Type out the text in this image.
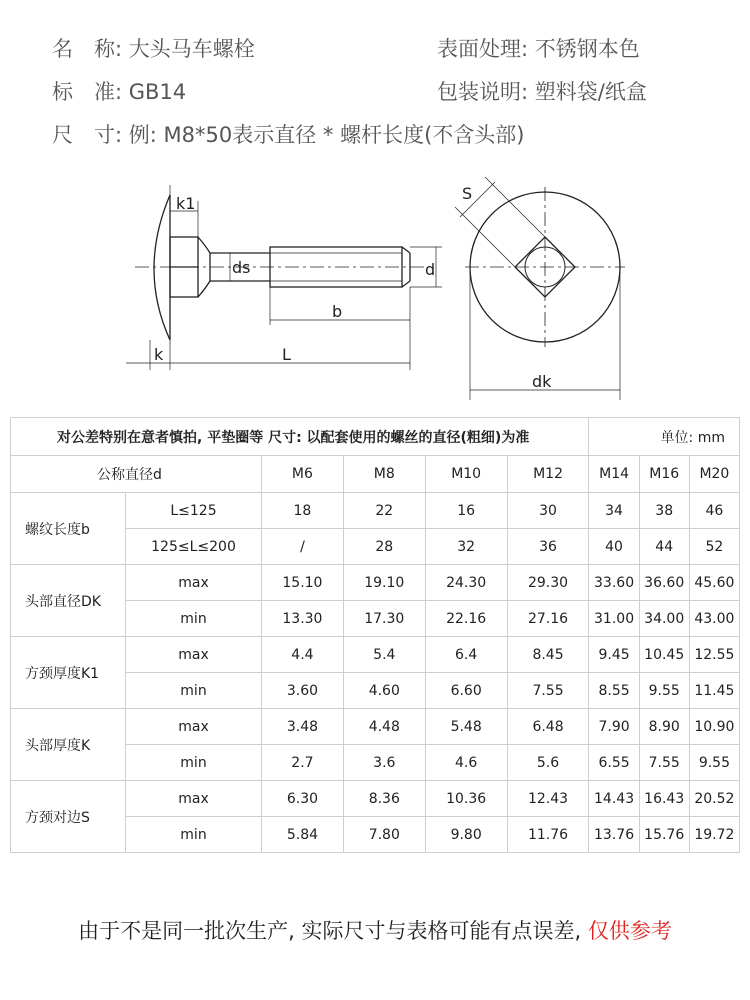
名　称: 大头马车螺栓	表面处理: 不锈钢本色
标　准: GB14	包装说明: 塑料袋/纸盒
尺　寸: 例: M8*50表示直径 * 螺杆长度(不含头部)
k1
ds	d
b
k	L
S
dk
对公差特别在意者慎拍, 平垫圈等 尺寸: 以配套使用的螺丝的直径(粗细)为准						单位: mm		
公称直径d		M6	M8	M10	M12	M14	M16	M20
螺纹长度b	L≤125	18	22	16	30	34	38	46
	125≤L≤200	/	28	32	36	40	44	52
头部直径DK	max	15.10	19.10	24.30	29.30	33.60	36.60	45.60
	min	13.30	17.30	22.16	27.16	31.00	34.00	43.00
方颈厚度K1	max	4.4	5.4	6.4	8.45	9.45	10.45	12.55
	min	3.60	4.60	6.60	7.55	8.55	9.55	11.45
头部厚度K	max	3.48	4.48	5.48	6.48	7.90	8.90	10.90
	min	2.7	3.6	4.6	5.6	6.55	7.55	9.55
方颈对边S	max	6.30	8.36	10.36	12.43	14.43	16.43	20.52
	min	5.84	7.80	9.80	11.76	13.76	15.76	19.72
由于不是同一批次生产, 实际尺寸与表格可能有点误差, 仅供参考
